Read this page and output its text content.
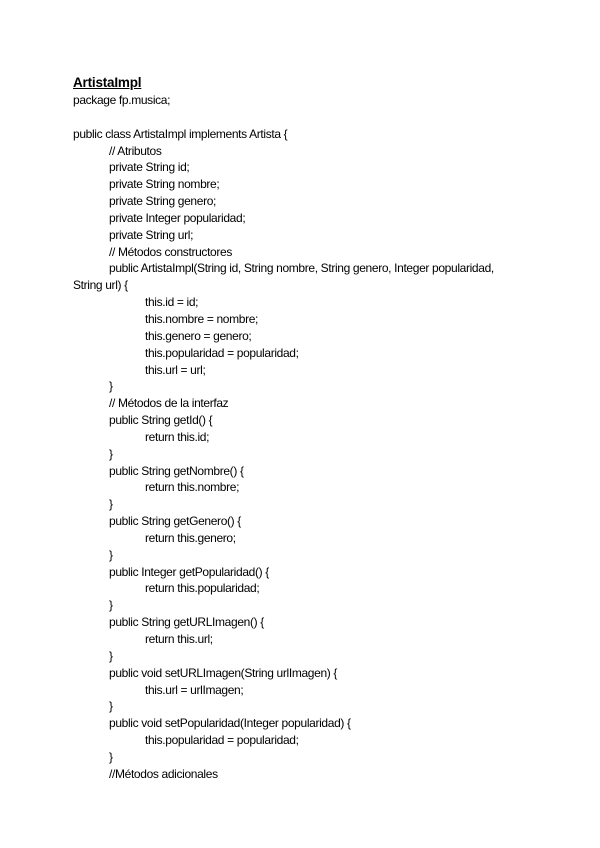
ArtistaImpl
package fp.musica;
public class ArtistaImpl implements Artista {
// Atributos
private String id;
private String nombre;
private String genero;
private Integer popularidad;
private String url;
// Métodos constructores
public ArtistaImpl(String id, String nombre, String genero, Integer popularidad,
String url) {
this.id = id;
this.nombre = nombre;
this.genero = genero;
this.popularidad = popularidad;
this.url = url;
}
// Métodos de la interfaz
public String getId() {
return this.id;
}
public String getNombre() {
return this.nombre;
}
public String getGenero() {
return this.genero;
}
public Integer getPopularidad() {
return this.popularidad;
}
public String getURLImagen() {
return this.url;
}
public void setURLImagen(String urlImagen) {
this.url = urlImagen;
}
public void setPopularidad(Integer popularidad) {
this.popularidad = popularidad;
}
//Métodos adicionales
